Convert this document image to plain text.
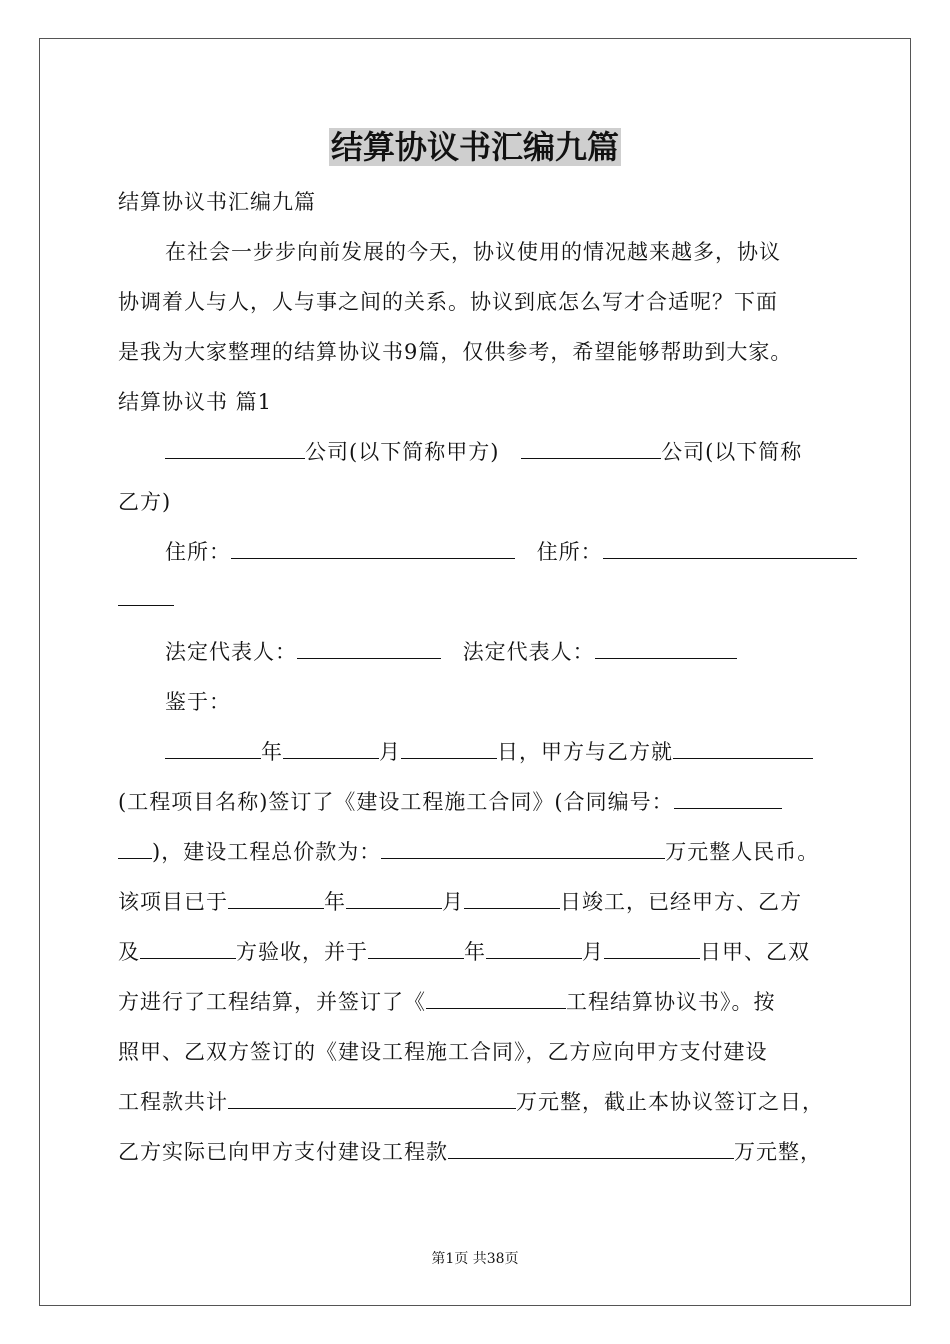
结算协议书汇编九篇
结算协议书汇编九篇
在社会一步步向前发展的今天，协议使用的情况越来越多，协议
协调着人与人，人与事之间的关系。协议到底怎么写才合适呢？下面
是我为大家整理的结算协议书9篇，仅供参考，希望能够帮助到大家。
结算协议书 篇1
公司(以下简称甲方)	公司(以下简称
乙方)
住所：	住所：
法定代表人：	法定代表人：
鉴于：
年	月	日，甲方与乙方就
(工程项目名称)签订了《建设工程施工合同》(合同编号：
)，建设工程总价款为：	万元整人民币。
该项目已于	年	月	日竣工，已经甲方、乙方
及	方验收，并于	年	月	日甲、乙双
方进行了工程结算，并签订了《	工程结算协议书》。按
照甲、乙双方签订的《建设工程施工合同》，乙方应向甲方支付建设
工程款共计	万元整，截止本协议签订之日，
乙方实际已向甲方支付建设工程款	万元整，
第1页 共38页
